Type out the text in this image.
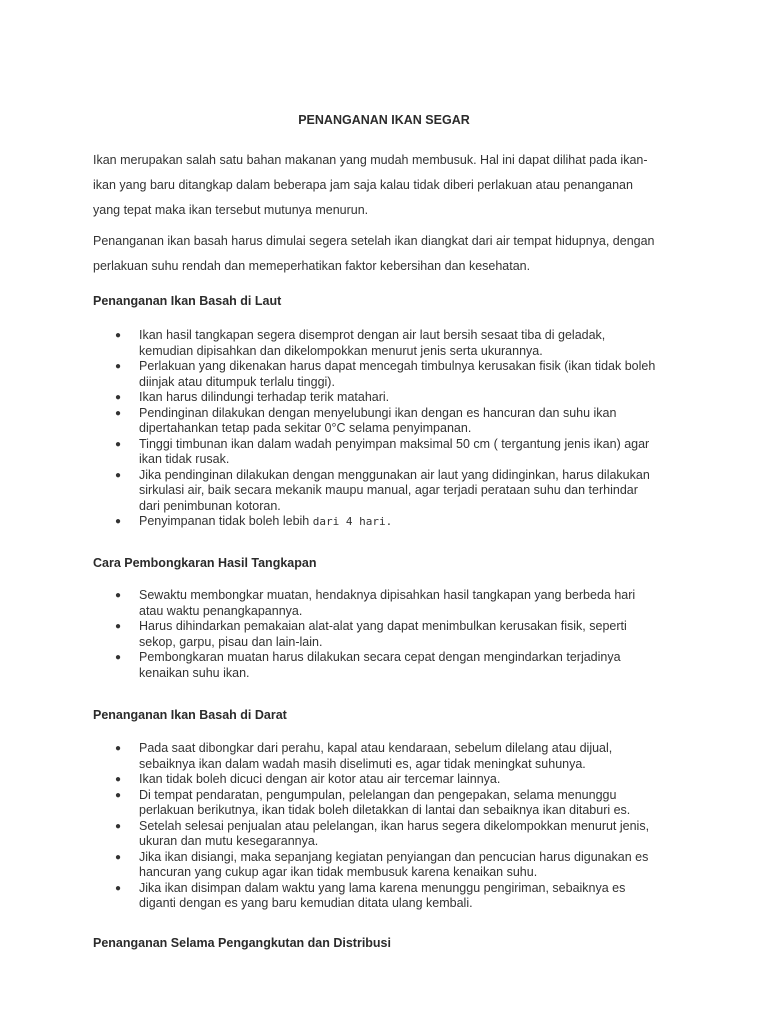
PENANGANAN IKAN SEGAR

Ikan merupakan salah satu bahan makanan yang mudah membusuk. Hal ini dapat dilihat pada ikan-
ikan yang baru ditangkap dalam beberapa jam saja kalau tidak diberi perlakuan atau penanganan
yang tepat maka ikan tersebut mutunya menurun.

Penanganan ikan basah harus dimulai segera setelah ikan diangkat dari air tempat hidupnya, dengan
perlakuan suhu rendah dan memeperhatikan faktor kebersihan dan kesehatan.

Penanganan Ikan Basah di Laut
● Ikan hasil tangkapan segera disemprot dengan air laut bersih sesaat tiba di geladak,
kemudian dipisahkan dan dikelompokkan menurut jenis serta ukurannya.
● Perlakuan yang dikenakan harus dapat mencegah timbulnya kerusakan fisik (ikan tidak boleh
diinjak atau ditumpuk terlalu tinggi).
● Ikan harus dilindungi terhadap terik matahari.
● Pendinginan dilakukan dengan menyelubungi ikan dengan es hancuran dan suhu ikan
dipertahankan tetap pada sekitar 0°C selama penyimpanan.
● Tinggi timbunan ikan dalam wadah penyimpan maksimal 50 cm ( tergantung jenis ikan) agar
ikan tidak rusak.
● Jika pendinginan dilakukan dengan menggunakan air laut yang didinginkan, harus dilakukan
sirkulasi air, baik secara mekanik maupu manual, agar terjadi perataan suhu dan terhindar
dari penimbunan kotoran.
● Penyimpanan tidak boleh lebih dari 4 hari.
Cara Pembongkaran Hasil Tangkapan
● Sewaktu membongkar muatan, hendaknya dipisahkan hasil tangkapan yang berbeda hari
atau waktu penangkapannya.
● Harus dihindarkan pemakaian alat-alat yang dapat menimbulkan kerusakan fisik, seperti
sekop, garpu, pisau dan lain-lain.
● Pembongkaran muatan harus dilakukan secara cepat dengan mengindarkan terjadinya
kenaikan suhu ikan.
Penanganan Ikan Basah di Darat
● Pada saat dibongkar dari perahu, kapal atau kendaraan, sebelum dilelang atau dijual,
sebaiknya ikan dalam wadah masih diselimuti es, agar tidak meningkat suhunya.
● Ikan tidak boleh dicuci dengan air kotor atau air tercemar lainnya.
● Di tempat pendaratan, pengumpulan, pelelangan dan pengepakan, selama menunggu
perlakuan berikutnya, ikan tidak boleh diletakkan di lantai dan sebaiknya ikan ditaburi es.
● Setelah selesai penjualan atau pelelangan, ikan harus segera dikelompokkan menurut jenis,
ukuran dan mutu kesegarannya.
● Jika ikan disiangi, maka sepanjang kegiatan penyiangan dan pencucian harus digunakan es
hancuran yang cukup agar ikan tidak membusuk karena kenaikan suhu.
● Jika ikan disimpan dalam waktu yang lama karena menunggu pengiriman, sebaiknya es
diganti dengan es yang baru kemudian ditata ulang kembali.
Penanganan Selama Pengangkutan dan Distribusi
